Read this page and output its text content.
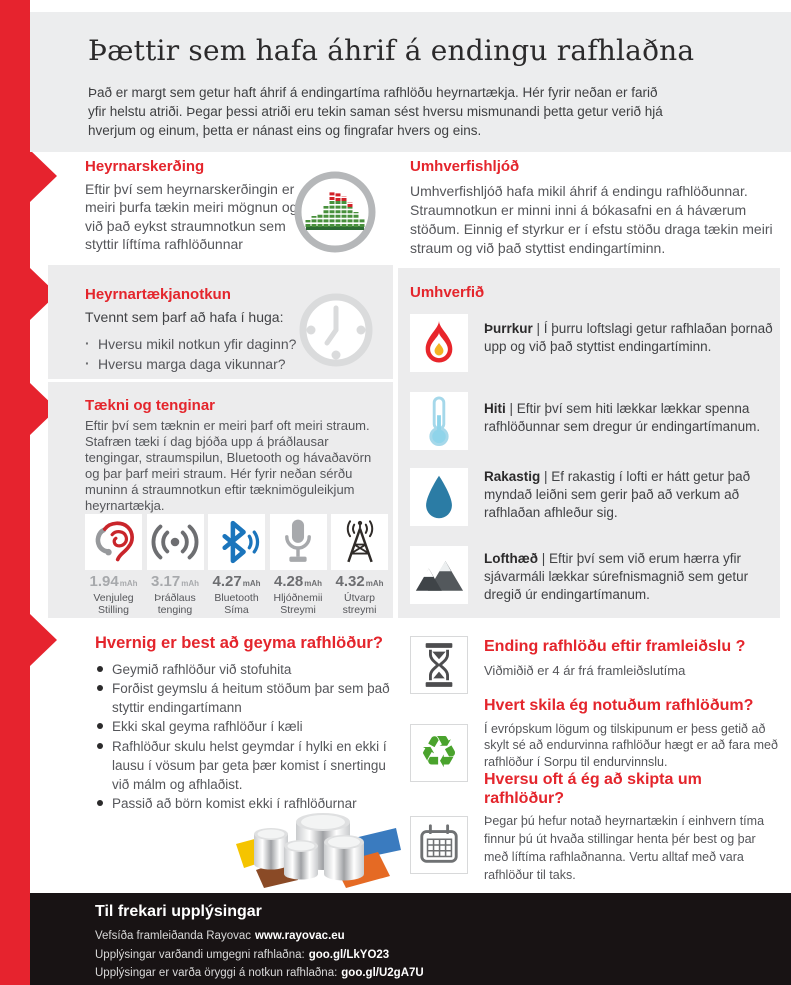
Þættir sem hafa áhrif á endingu rafhlaðna
Það er margt sem getur haft áhrif á endingartíma rafhlöðu heyrnartækja. Hér fyrir neðan er farið yfir helstu atriði. Þegar þessi atriði eru tekin saman sést hversu mismunandi þetta getur verið hjá hverjum og einum, þetta er nánast eins og fingrafar hvers og eins.
Heyrnarskerðing
Eftir því sem heyrnarskerðingin er meiri þurfa tækin meiri mögnun og við það eykst straumnotkun sem styttir líftíma rafhlöðunnar
Umhverfishljóð
Umhverfishljóð hafa mikil áhrif á endingu rafhlöðunnar. Straumnotkun er minni inni á bókasafni en á háværum stöðum. Einnig ef styrkur er í efstu stöðu draga tækin meiri straum og við það styttist endingartíminn.
Heyrnartækjanotkun
Tvennt sem þarf að hafa í huga:
· Hversu mikil notkun yfir daginn?
· Hversu marga daga vikunnar?
Tækni og tenginar
Eftir því sem tæknin er meiri þarf oft meiri straum. Stafræn tæki í dag bjóða upp á þráðlausar tengingar, straumspilun, Bluetooth og hávaðavörn og þar þarf meiri straum. Hér fyrir neðan sérðu muninn á straumnotkun eftir tæknimöguleikjum heyrnartækja.
1.94mAh
Venjuleg Stilling
3.17mAh
Þráðlaus tenging
4.27mAh
Bluetooth Síma
4.28mAh
Hljóðnemii Streymi
4.32mAh
Útvarp streymi
Umhverfið
Þurrkur | Í þurru loftslagi getur rafhlaðan þornað upp og við það styttist endingartíminn.
Hiti | Eftir því sem hiti lækkar lækkar spenna rafhlöðunnar sem dregur úr endingartímanum.
Rakastig | Ef rakastig í lofti er hátt getur það myndað leiðni sem gerir það að verkum að rafhlaðan afhleður sig.
Lofthæð | Eftir því sem við erum hærra yfir sjávarmáli lækkar súrefnismagnið sem getur dregið úr endingartímanum.
Hvernig er best að geyma rafhlöður?
Geymið rafhlöður við stofuhita
Forðist geymslu á heitum stöðum þar sem það styttir endingartímann
Ekki skal geyma rafhlöður í kæli
Rafhlöður skulu helst geymdar í hylki en ekki í lausu í vösum þar geta þær komist í snertingu við málm og afhlaðist.
Passið að börn komist ekki í rafhlöðurnar
Ending rafhlöðu eftir framleiðslu ?
Viðmiðið er 4 ár frá framleiðslutíma
Hvert skila ég notuðum rafhlöðum?
Í evrópskum lögum og tilskipunum er þess getið að skylt sé að endurvinna rafhlöður hægt er að fara með rafhlöður í Sorpu til endurvinnslu.
♻
Hversu oft á ég að skipta um rafhlöður?
Þegar þú hefur notað heyrnartækin í einhvern tíma finnur þú út hvaða stillingar henta þér best og þar með líftíma rafhlaðnanna. Vertu alltaf með vara rafhlöður til taks.
Til frekari upplýsingar
Vefsíða framleiðanda Rayovac www.rayovac.eu
Upplýsingar varðandi umgegni rafhlaðna: goo.gl/LkYO23
Upplýsingar er varða öryggi á notkun rafhlaðna: goo.gl/U2gA7U
